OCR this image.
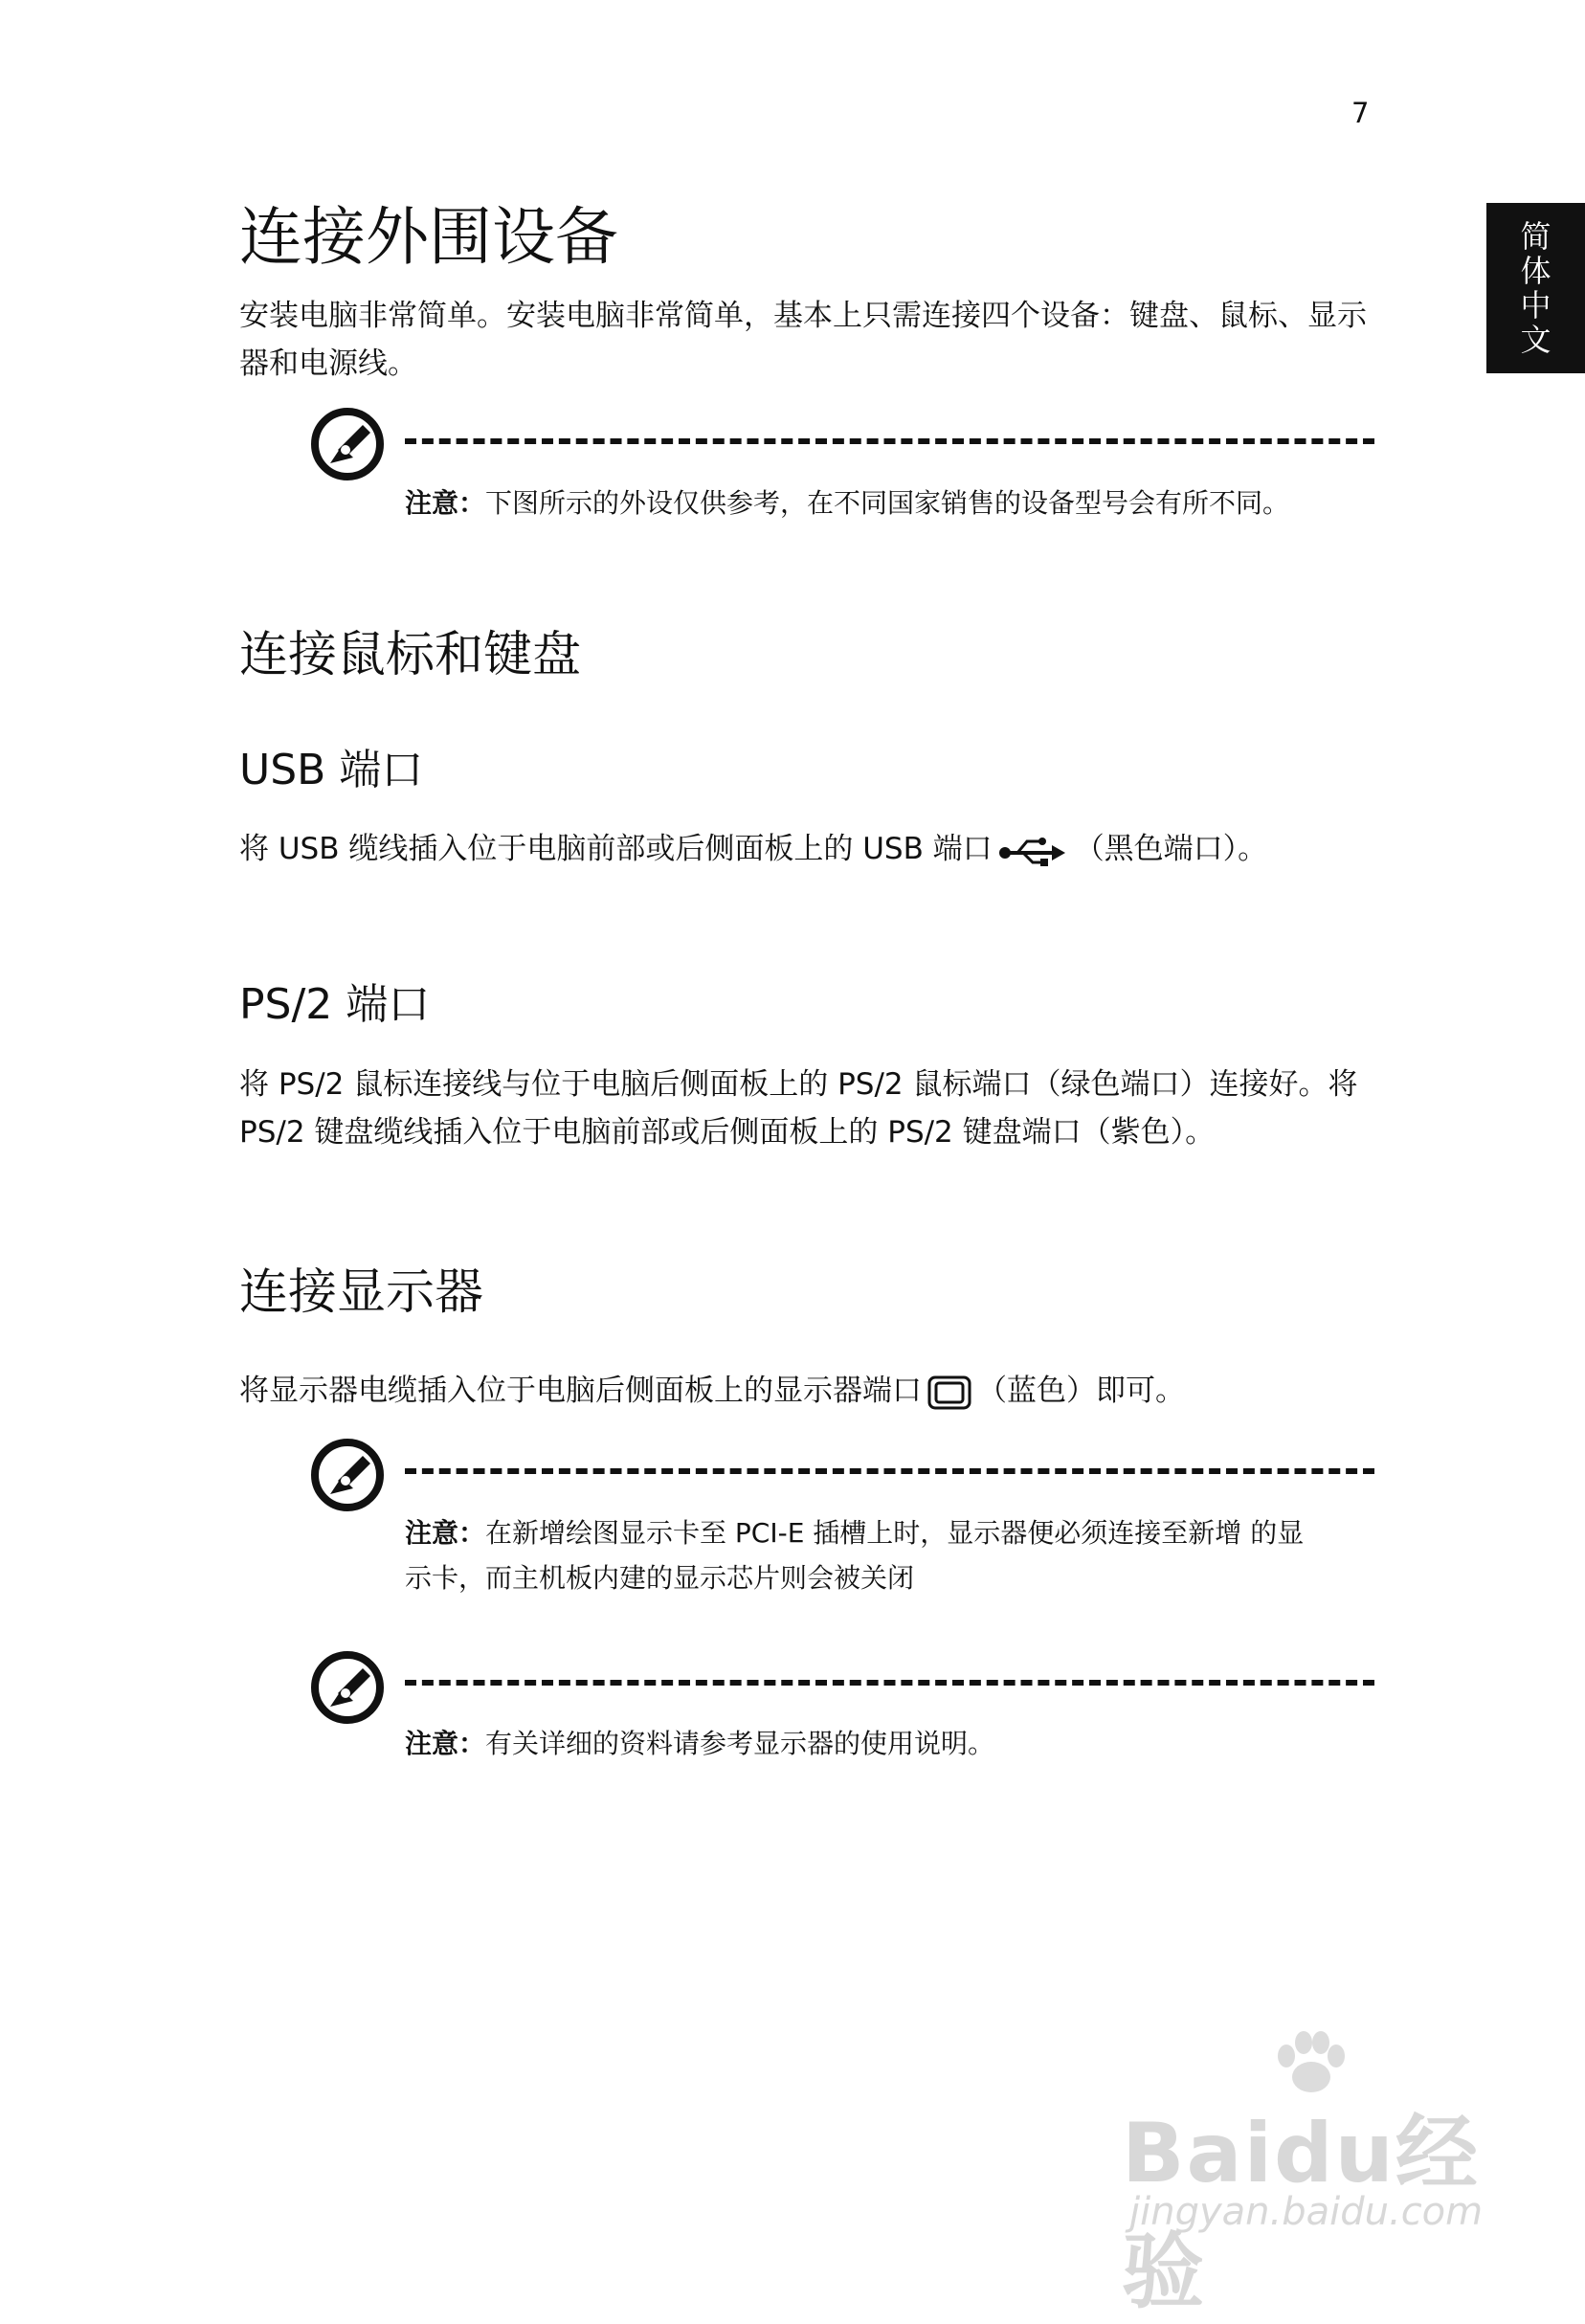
7
简
体
中
文
连接外围设备

安装电脑非常简单。安装电脑非常简单，基本上只需连接四个设备：键盘、鼠标、显示器和电源线。

注意：下图所示的外设仅供参考，在不同国家销售的设备型号会有所不同。

连接鼠标和键盘
USB 端口

将 USB 缆线插入位于电脑前部或后侧面板上的 USB 端口	（黑色端口）。

PS/2 端口

将 PS/2 鼠标连接线与位于电脑后侧面板上的 PS/2 鼠标端口（绿色端口）连接好。将 PS/2 键盘缆线插入位于电脑前部或后侧面板上的 PS/2 键盘端口（紫色）。

连接显示器

将显示器电缆插入位于电脑后侧面板上的显示器端口 （蓝色）即可。

注意：在新增绘图显示卡至 PCI-E 插槽上时，显示器便必须连接至新增 的显示卡，而主机板内建的显示芯片则会被关闭

注意：有关详细的资料请参考显示器的使用说明。

Baidu经验
jingyan.baidu.com
